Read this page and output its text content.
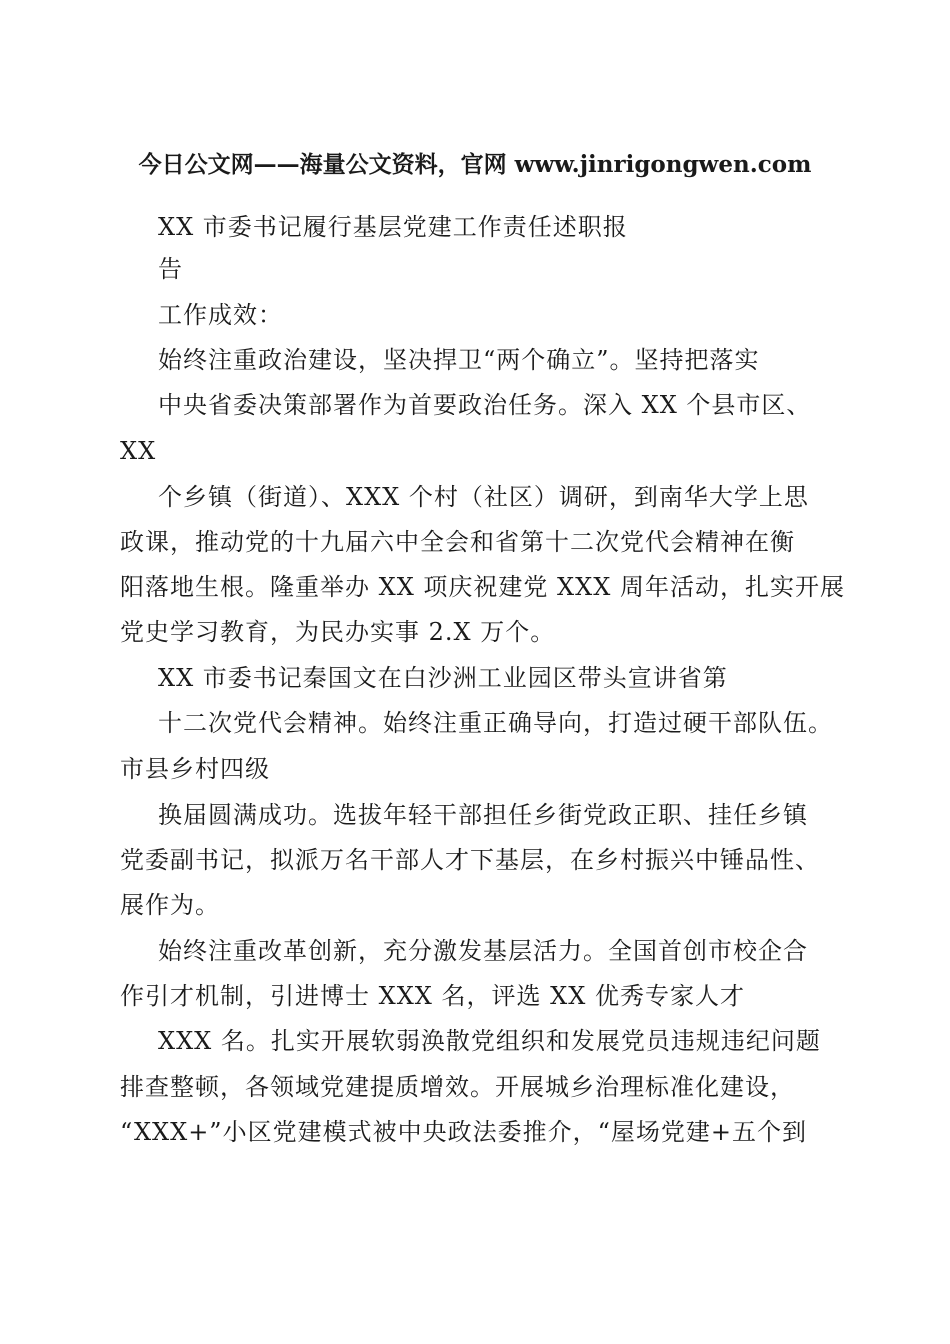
今日公文网——海量公文资料，官网 www.jinrigongwen.com
XX 市委书记履行基层党建工作责任述职报
告
工作成效：
始终注重政治建设，坚决捍卫“两个确立”。坚持把落实
中央省委决策部署作为首要政治任务。深入 XX 个县市区、
XX
个乡镇（街道）、XXX 个村（社区）调研，到南华大学上思
政课，推动党的十九届六中全会和省第十二次党代会精神在衡
阳落地生根。隆重举办 XX 项庆祝建党 XXX 周年活动，扎实开展
党史学习教育，为民办实事 2.X 万个。
XX 市委书记秦国文在白沙洲工业园区带头宣讲省第
十二次党代会精神。始终注重正确导向，打造过硬干部队伍。
市县乡村四级
换届圆满成功。选拔年轻干部担任乡街党政正职、挂任乡镇
党委副书记，拟派万名干部人才下基层，在乡村振兴中锤品性、
展作为。
始终注重改革创新，充分激发基层活力。全国首创市校企合
作引才机制，引进博士 XXX 名，评选 XX 优秀专家人才
XXX 名。扎实开展软弱涣散党组织和发展党员违规违纪问题
排查整顿，各领域党建提质增效。开展城乡治理标准化建设，
“XXX+”小区党建模式被中央政法委推介，“屋场党建+五个到
